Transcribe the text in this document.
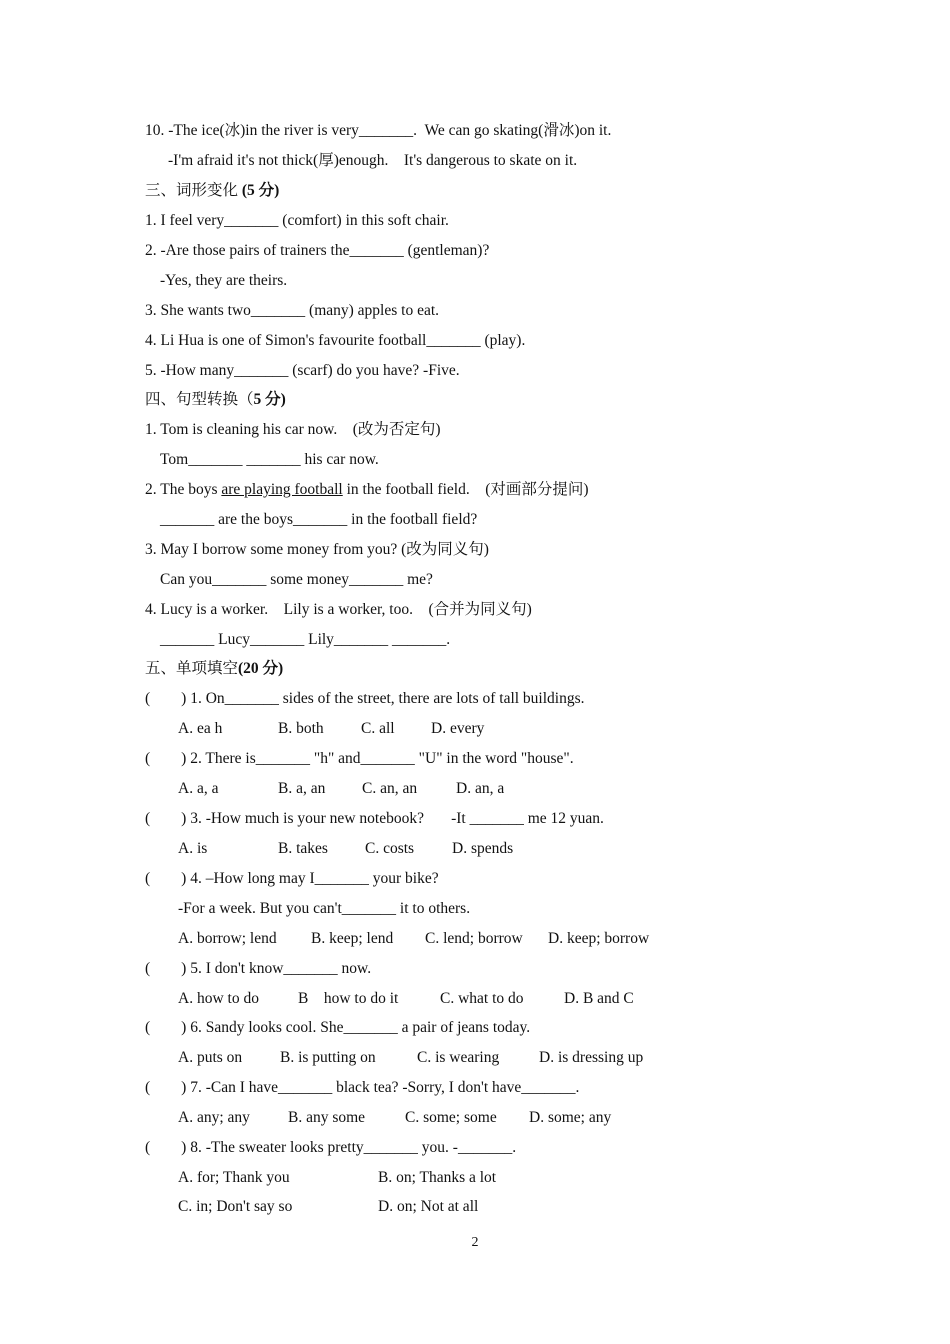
10. -The ice(冰)in the river is very_______.  We can go skating(滑冰)on it.
-I'm afraid it's not thick(厚)enough.    It's dangerous to skate on it.
三、词形变化 (5 分)
1. I feel very_______ (comfort) in this soft chair.
2. -Are those pairs of trainers the_______ (gentleman)?
-Yes, they are theirs.
3. She wants two_______ (many) apples to eat.
4. Li Hua is one of Simon's favourite football_______ (play).
5. -How many_______ (scarf) do you have? -Five.
四、句型转换（5 分)
1. Tom is cleaning his car now.    (改为否定句)
Tom_______ _______ his car now.
2. The boys are playing football in the football field.    (对画部分提问)
_______ are the boys_______ in the football field?
3. May I borrow some money from you? (改为同义句)
Can you_______ some money_______ me?
4. Lucy is a worker.    Lily is a worker, too.    (合并为同义句)
_______ Lucy_______ Lily_______ _______.
五、单项填空(20 分)
(        ) 1. On_______ sides of the street, there are lots of tall buildings.
A. ea h	B. both C. all D. every
(        ) 2. There is_______ "h" and_______ "U" in the word "house".
A. a, a	B. a, an C. an, an	D. an, a
(        ) 3. -How much is your new notebook?       -It _______ me 12 yuan.
A. is	B. takes C. costs D. spends
(        ) 4. –How long may I_______ your bike?
-For a week. But you can't_______ it to others.
A. borrow; lend B. keep; lend C. lend; borrow D. keep; borrow
(        ) 5. I don't know_______ now.
A. how to do	B    how to do it	C. what to do	D. B and C
(        ) 6. Sandy looks cool. She_______ a pair of jeans today.
A. puts on B. is putting on	C. is wearing	D. is dressing up
(        ) 7. -Can I have_______ black tea? -Sorry, I don't have_______.
A. any; any B. any some	C. some; some D. some; any
(        ) 8. -The sweater looks pretty_______ you. -_______.
A. for; Thank you	B. on; Thanks a lot
C. in; Don't say so	D. on; Not at all
2
